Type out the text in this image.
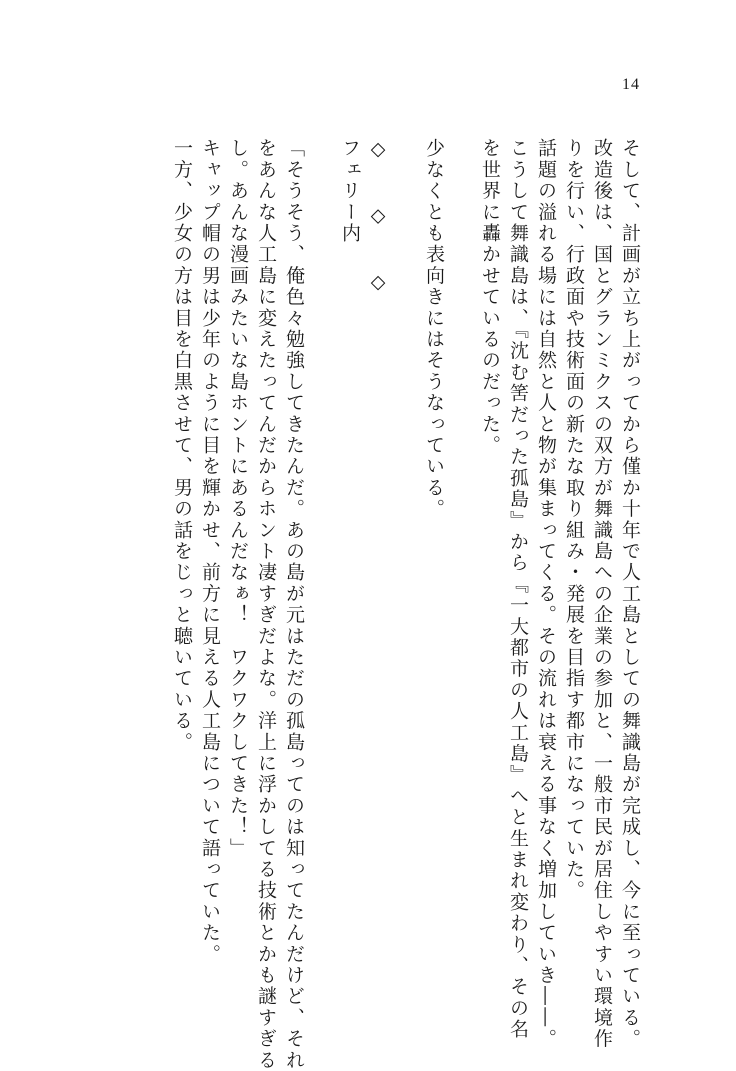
14
そして、計画が立ち上がってから僅か十年で人工島としての舞識島が完成し、今に至っている。
改造後は、国とグランミクスの双方が舞識島への企業の参加と、一般市民が居住しやすい環境作
りを行い、行政面や技術面の新たな取り組み・発展を目指す都市になっていた。
話題の溢れる場には自然と人と物が集まってくる。その流れは衰える事なく増加していき――。
こうして舞識島は、『沈む筈だった孤島』から『一大都市の人工島』へと生まれ変わり、その名
を世界に轟かせているのだった。
少なくとも表向きにはそうなっている。
◇　　◇　　◇
フェリー内
「そうそう、俺色々勉強してきたんだ。あの島が元はただの孤島ってのは知ってたんだけど、それ
をあんな人工島に変えたってんだからホント凄すぎだよな。洋上に浮かしてる技術とかも謎すぎる
し。あんな漫画みたいな島ホントにあるんだなぁ！　ワクワクしてきた！」
キャップ帽の男は少年のように目を輝かせ、前方に見える人工島について語っていた。
一方、少女の方は目を白黒させて、男の話をじっと聴いている。
